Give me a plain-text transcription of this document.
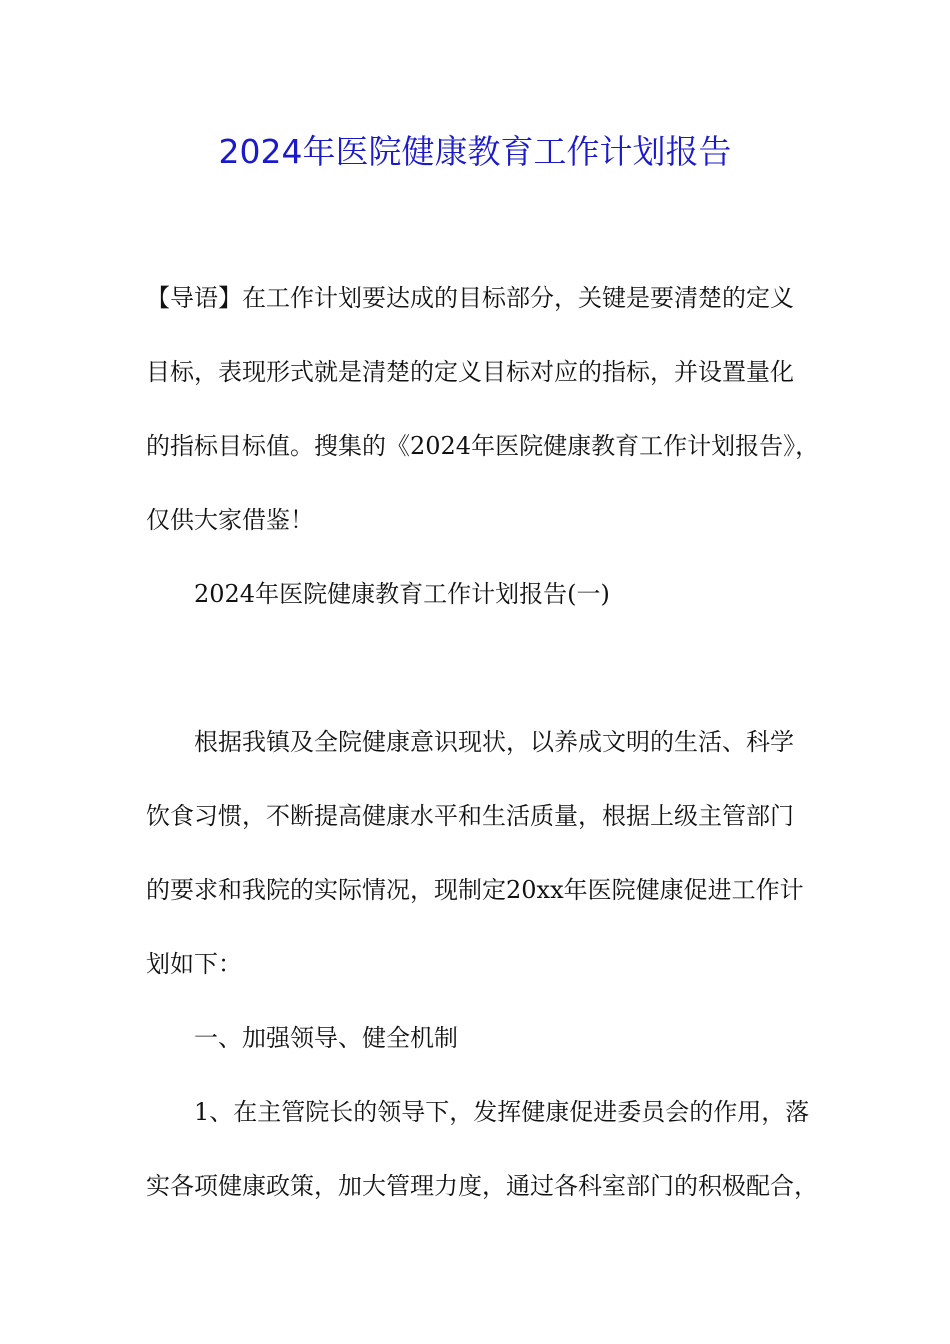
2024年医院健康教育工作计划报告

【导语】在工作计划要达成的目标部分，关键是要清楚的定义

目标，表现形式就是清楚的定义目标对应的指标，并设置量化

的指标目标值。搜集的《2024年医院健康教育工作计划报告》，

仅供大家借鉴！

2024年医院健康教育工作计划报告(一)

根据我镇及全院健康意识现状，以养成文明的生活、科学

饮食习惯，不断提高健康水平和生活质量，根据上级主管部门

的要求和我院的实际情况，现制定20xx年医院健康促进工作计

划如下：

一、加强领导、健全机制

1、在主管院长的领导下，发挥健康促进委员会的作用，落

实各项健康政策，加大管理力度，通过各科室部门的积极配合，
